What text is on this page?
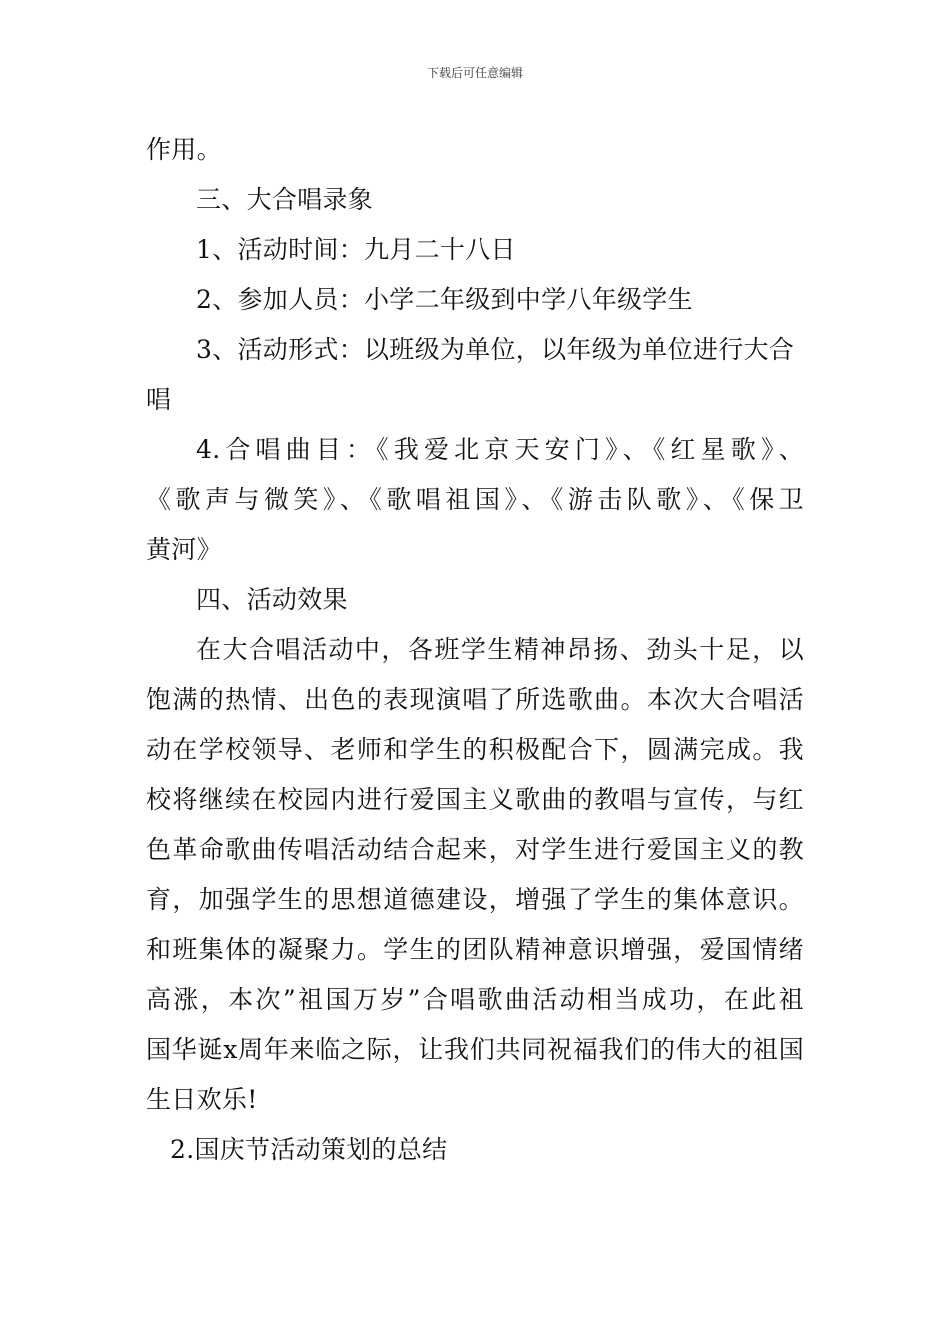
下载后可任意编辑
作用。
三、大合唱录象
1、活动时间：九月二十八日
2、参加人员：小学二年级到中学八年级学生
3、活动形式：以班级为单位，以年级为单位进行大合
唱
4.合唱曲目：《我爱北京天安门》、《红星歌》、
《歌声与微笑》、《歌唱祖国》、《游击队歌》、《保卫
黄河》
四、活动效果
在大合唱活动中，各班学生精神昂扬、劲头十足，以
饱满的热情、出色的表现演唱了所选歌曲。本次大合唱活
动在学校领导、老师和学生的积极配合下，圆满完成。我
校将继续在校园内进行爱国主义歌曲的教唱与宣传，与红
色革命歌曲传唱活动结合起来，对学生进行爱国主义的教
育，加强学生的思想道德建设，增强了学生的集体意识。
和班集体的凝聚力。学生的团队精神意识增强，爱国情绪
高涨，本次”祖国万岁”合唱歌曲活动相当成功，在此祖
国华诞x周年来临之际，让我们共同祝福我们的伟大的祖国
生日欢乐!
2.国庆节活动策划的总结
